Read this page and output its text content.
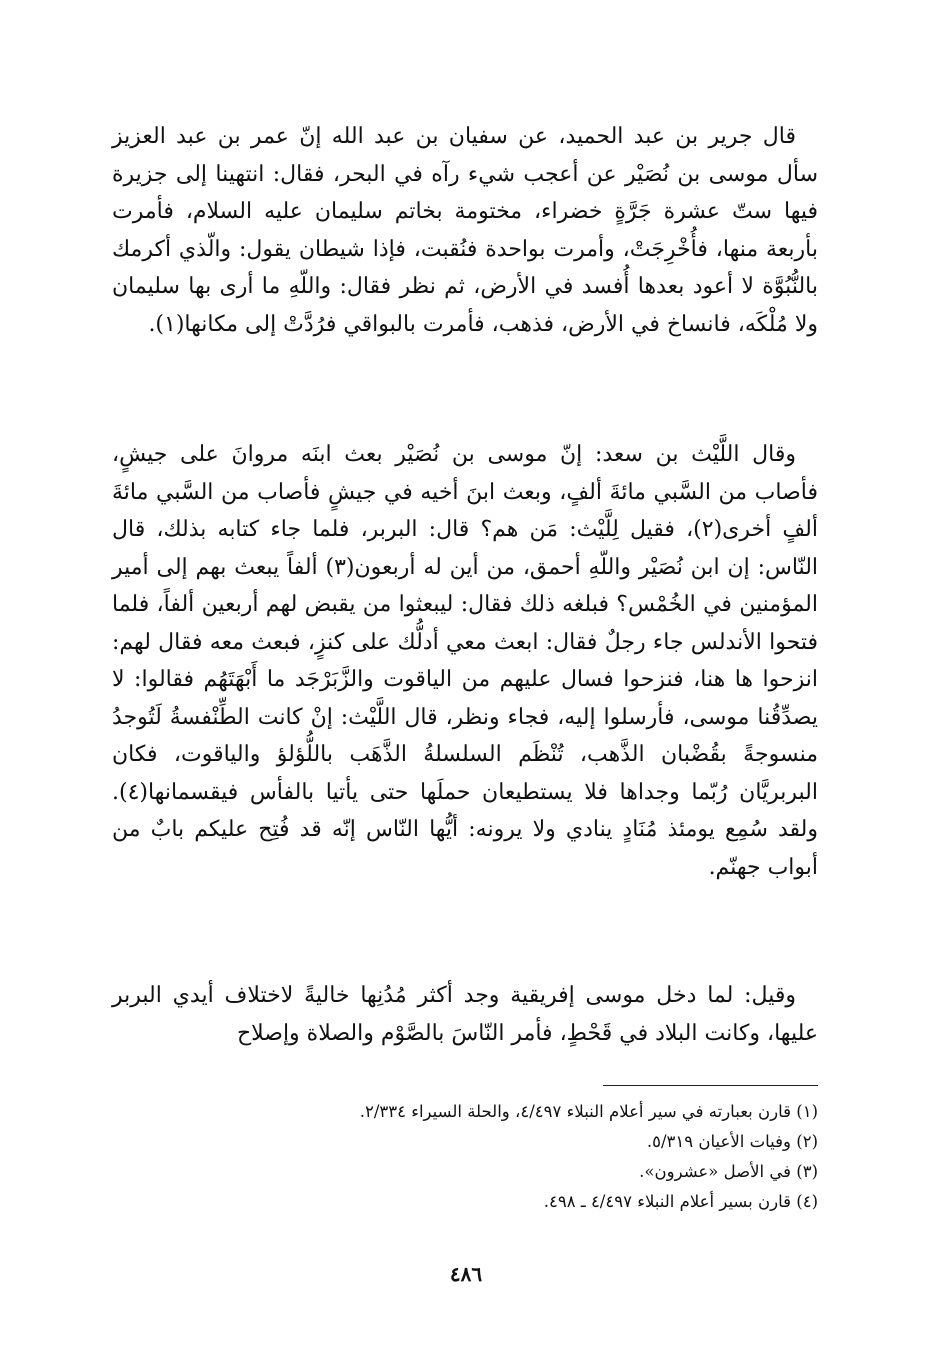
قال جرير بن عبد الحميد، عن سفيان بن عبد الله إنّ عمر بن عبد العزيز سأل موسى بن نُصَيْر عن أعجب شيء رآه في البحر، فقال: انتهينا إلى جزيرة فيها ستّ عشرة جَرَّةٍ خضراء، مختومة بخاتم سليمان عليه السلام، فأمرت بأربعة منها، فأُخْرِجَتْ، وأمرت بواحدة فنُقبت، فإذا شيطان يقول: والّذي أكرمك بالنُّبُوَّة لا أعود بعدها أُفسد في الأرض، ثم نظر فقال: واللّهِ ما أرى بها سليمان ولا مُلْكَه، فانساخ في الأرض، فذهب، فأمرت بالبواقي فرُدَّتْ إلى مكانها(١).

وقال اللَّيْث بن سعد: إنّ موسى بن نُصَيْر بعث ابنَه مروانَ على جيشٍ، فأصاب من السَّبي مائةَ ألفٍ، وبعث ابنَ أخيه في جيشٍ فأصاب من السَّبي مائةَ ألفٍ أخرى(٢)، فقيل لِلَّيْث: مَن هم؟ قال: البربر، فلما جاء كتابه بذلك، قال النّاس: إن ابن نُصَيْر واللّهِ أحمق، من أين له أربعون(٣) ألفاً يبعث بهم إلى أمير المؤمنين في الخُمْس؟ فبلغه ذلك فقال: ليبعثوا من يقبض لهم أربعين ألفاً، فلما فتحوا الأندلس جاء رجلٌ فقال: ابعث معي أدلُّك على كنزٍ، فبعث معه فقال لهم: انزحوا ها هنا، فنزحوا فسال عليهم من الياقوت والزَّبَرْجَد ما أَبْهَتَهُم فقالوا: لا يصدِّقُنا موسى، فأرسلوا إليه، فجاء ونظر، قال اللَّيْث: إنْ كانت الطِّنْفسةُ لَتُوجدُ منسوجةً بقُضْبان الذَّهب، تُنْظَم السلسلةُ الذَّهَب باللُّؤلؤ والياقوت، فكان البربريَّان رُبّما وجداها فلا يستطيعان حملَها حتى يأتيا بالفأس فيقسمانها(٤). ولقد سُمِع يومئذ مُنَادٍ ينادي ولا يرونه: أيُّها النّاس إنّه قد فُتِح عليكم بابٌ من أبواب جهنّم.

وقيل: لما دخل موسى إفريقية وجد أكثر مُدُنِها خاليةً لاختلاف أيدي البربر عليها، وكانت البلاد في قَحْطٍ، فأمر النّاسَ بالصَّوْم والصلاة وإصلاح

(١) قارن بعبارته في سير أعلام النبلاء ٤/٤٩٧، والحلة السيراء ٢/٣٣٤.

(٢) وفيات الأعيان ٥/٣١٩.

(٣) في الأصل «عشرون».

(٤) قارن بسير أعلام النبلاء ٤/٤٩٧ ـ ٤٩٨.

٤٨٦
